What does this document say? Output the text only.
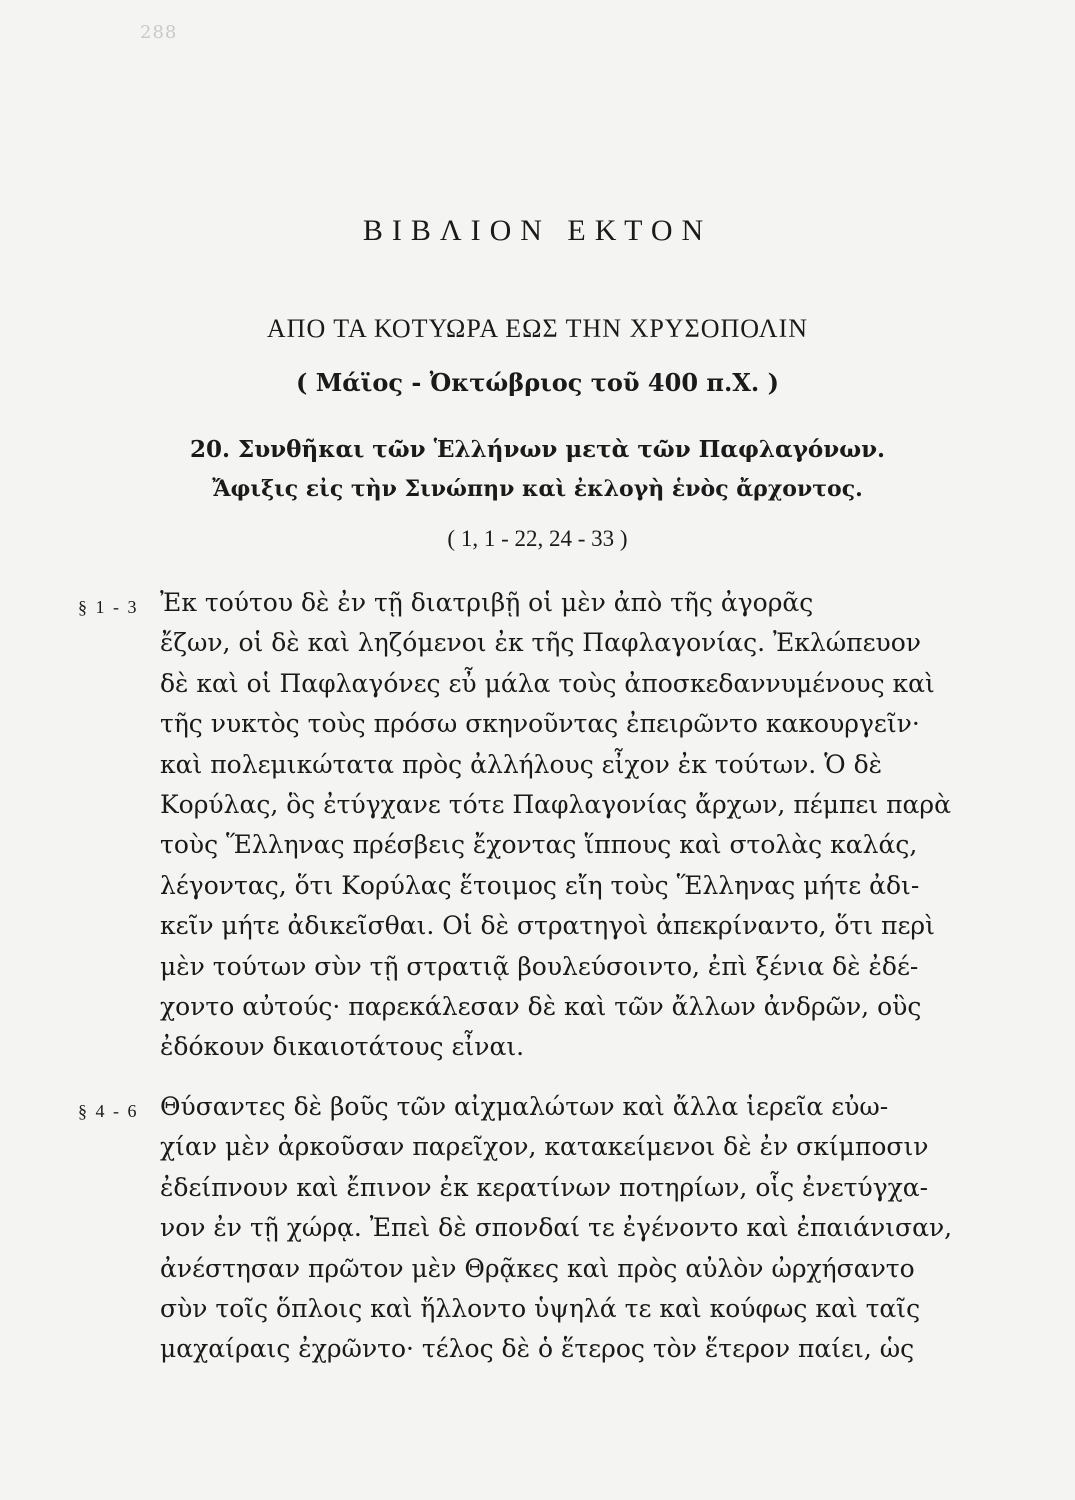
288
ΒΙΒΛΙΟΝ ΕΚΤΟΝ
ΑΠΟ ΤΑ ΚΟΤΥΩΡΑ ΕΩΣ ΤΗΝ ΧΡΥΣΟΠΟΛΙΝ
( Μάϊος - Ὀκτώβριος τοῦ 400 π.Χ. )
20. Συνθῆκαι τῶν Ἑλλήνων μετὰ τῶν Παφλαγόνων.
Ἄφιξις εἰς τὴν Σινώπην καὶ ἐκλογὴ ἑνὸς ἄρχοντος.
( 1, 1 - 22, 24 - 33 )
§ 1 - 3 Ἐκ τούτου δὲ ἐν τῇ διατριβῇ οἱ μὲν ἀπὸ τῆς ἀγορᾶς
ἔζων, οἱ δὲ καὶ ληζόμενοι ἐκ τῆς Παφλαγονίας. Ἐκλώπευον
δὲ καὶ οἱ Παφλαγόνες εὖ μάλα τοὺς ἀποσκεδαννυμένους καὶ
τῆς νυκτὸς τοὺς πρόσω σκηνοῦντας ἐπειρῶντο κακουργεῖν·
καὶ πολεμικώτατα πρὸς ἀλλήλους εἶχον ἐκ τούτων. Ὁ δὲ
Κορύλας, ὃς ἐτύγχανε τότε Παφλαγονίας ἄρχων, πέμπει παρὰ
τοὺς Ἕλληνας πρέσβεις ἔχοντας ἵππους καὶ στολὰς καλάς,
λέγοντας, ὅτι Κορύλας ἕτοιμος εἴη τοὺς Ἕλληνας μήτε ἀδι-
κεῖν μήτε ἀδικεῖσθαι. Οἱ δὲ στρατηγοὶ ἀπεκρίναντο, ὅτι περὶ
μὲν τούτων σὺν τῇ στρατιᾷ βουλεύσοιντο, ἐπὶ ξένια δὲ ἐδέ-
χοντο αὐτούς· παρεκάλεσαν δὲ καὶ τῶν ἄλλων ἀνδρῶν, οὓς
ἐδόκουν δικαιοτάτους εἶναι.
§ 4 - 6 Θύσαντες δὲ βοῦς τῶν αἰχμαλώτων καὶ ἄλλα ἱερεῖα εὐω-
χίαν μὲν ἀρκοῦσαν παρεῖχον, κατακείμενοι δὲ ἐν σκίμποσιν
ἐδείπνουν καὶ ἔπινον ἐκ κερατίνων ποτηρίων, οἷς ἐνετύγχα-
νον ἐν τῇ χώρᾳ. Ἐπεὶ δὲ σπονδαί τε ἐγένοντο καὶ ἐπαιάνισαν,
ἀνέστησαν πρῶτον μὲν Θρᾷκες καὶ πρὸς αὐλὸν ὠρχήσαντο
σὺν τοῖς ὅπλοις καὶ ἥλλοντο ὑψηλά τε καὶ κούφως καὶ ταῖς
μαχαίραις ἐχρῶντο· τέλος δὲ ὁ ἕτερος τὸν ἕτερον παίει, ὡς
